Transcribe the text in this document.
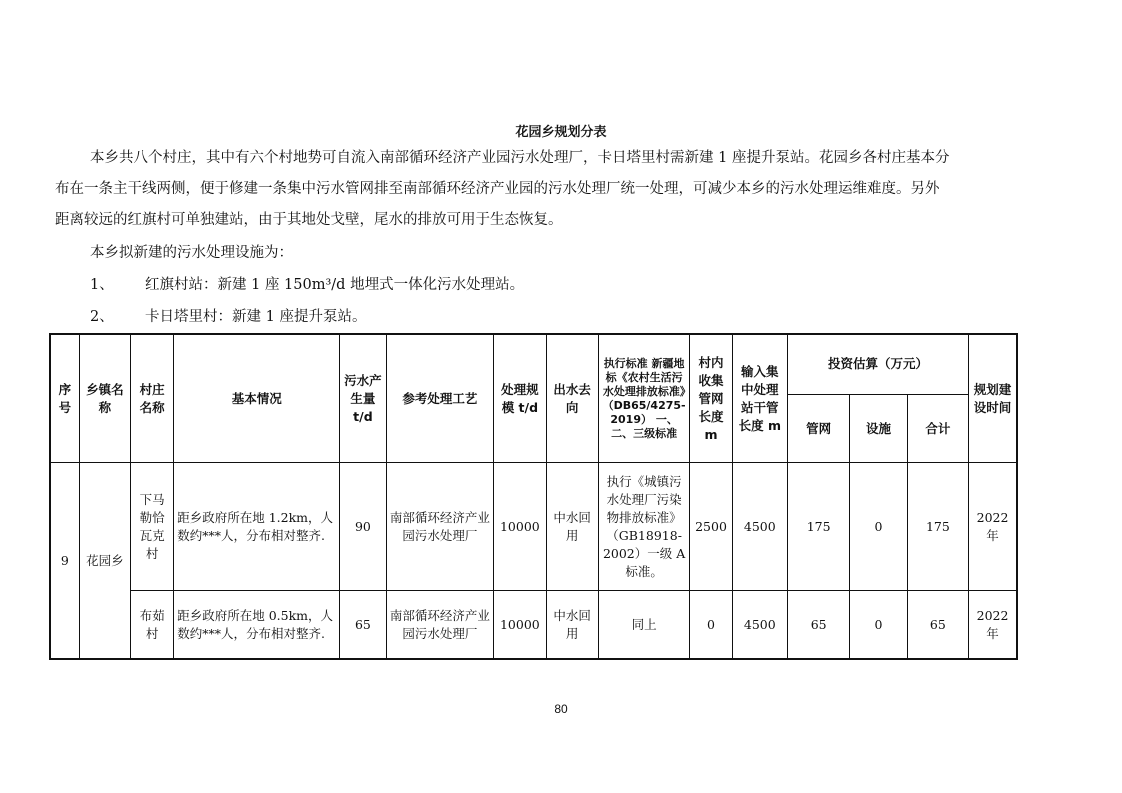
花园乡规划分表

本乡共八个村庄，其中有六个村地势可自流入南部循环经济产业园污水处理厂，卡日塔里村需新建 1 座提升泵站。花园乡各村庄基本分

布在一条主干线两侧，便于修建一条集中污水管网排至南部循环经济产业园的污水处理厂统一处理，可减少本乡的污水处理运维难度。另外

距离较远的红旗村可单独建站，由于其地处戈壁，尾水的排放可用于生态恢复。

本乡拟新建的污水处理设施为：
1、 红旗村站：新建 1 座 150m³/d 地埋式一体化污水处理站。
2、 卡日塔里村：新建 1 座提升泵站。
序号	乡镇名称	村庄名称	基本情况	污水产生量 t/d	参考处理工艺	处理规模 t/d	出水去向	执行标准 新疆地标《农村生活污水处理排放标准》（DB65/4275-2019） 一、二、三级标准	村内收集管网长度 m	输入集中处理站干管长度 m	投资估算（万元）			规划建设时间
											管网	设施	合计	
9	花园乡	下马勒恰瓦克村	距乡政府所在地 1.2km，人数约***人，分布相对整齐.	90	南部循环经济产业园污水处理厂	10000	中水回用	执行《城镇污水处理厂污染物排放标准》（GB18918-2002）一级 A 标准。	2500	4500	175	0	175	2022年
		布茹村	距乡政府所在地 0.5km，人数约***人，分布相对整齐.	65	南部循环经济产业园污水处理厂	10000	中水回用	同上	0	4500	65	0	65	2022年
80
